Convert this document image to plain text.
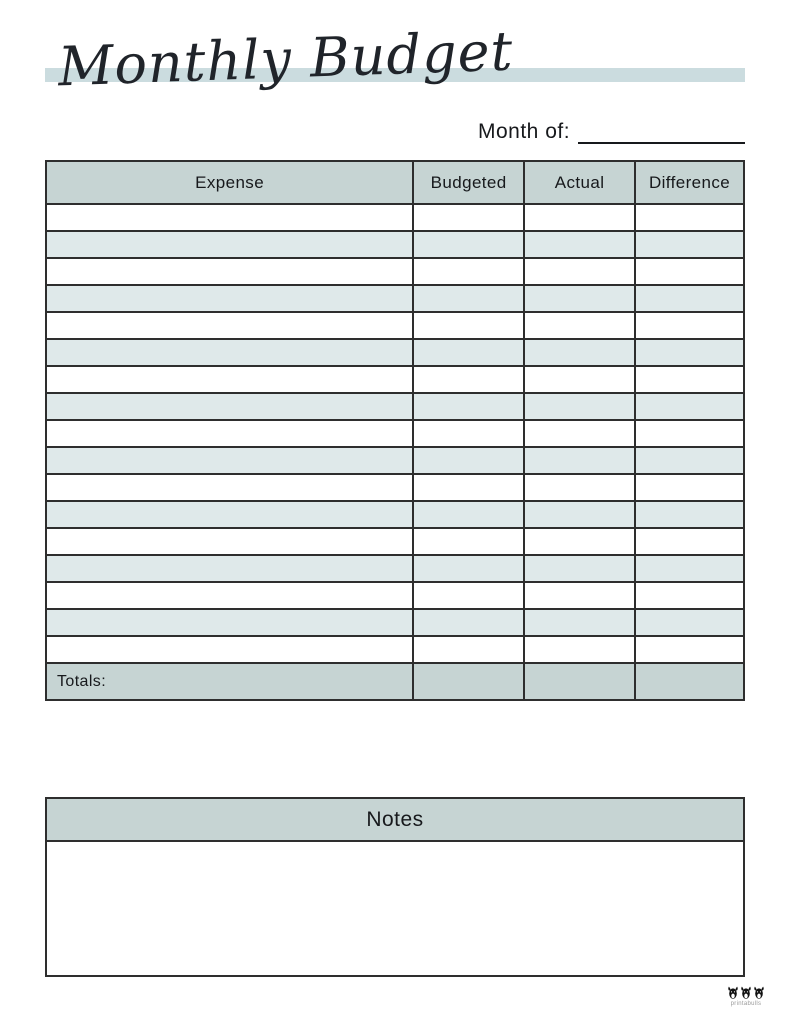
Monthly Budget
Month of:
Expense	Budgeted	Actual	Difference

Totals:			
Notes
printabulls
